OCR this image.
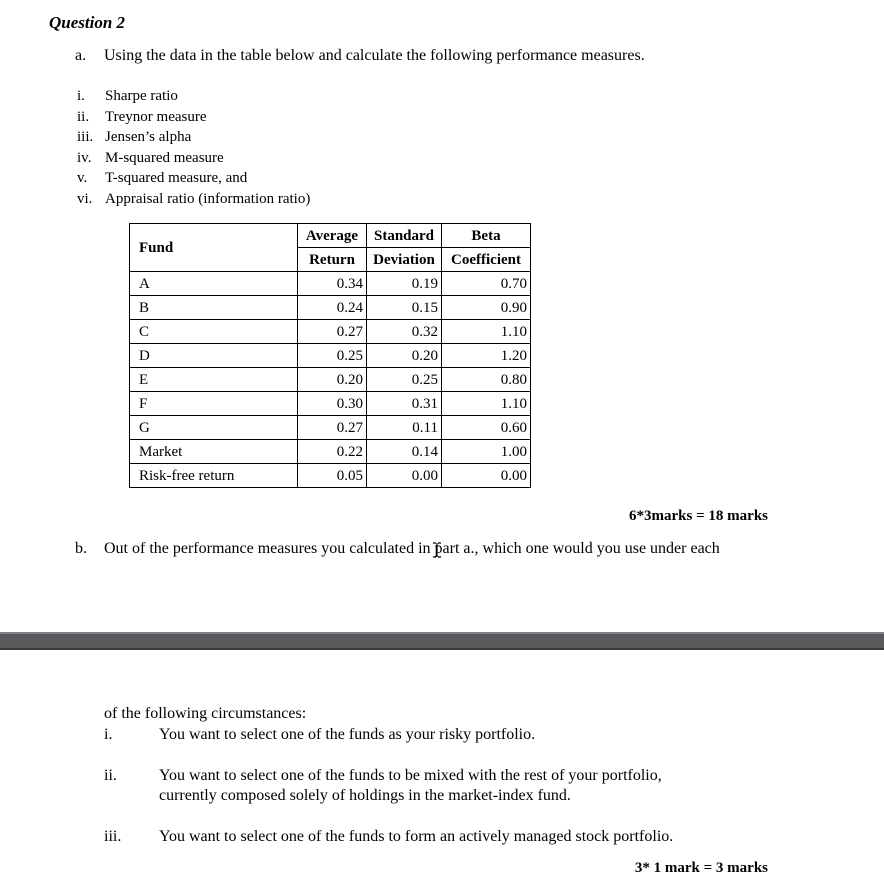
Question 2
a. Using the data in the table below and calculate the following performance measures.
i. Sharpe ratio
ii. Treynor measure
iii. Jensen’s alpha
iv. M-squared measure
v. T-squared measure, and
vi. Appraisal ratio (information ratio)
Fund	Average	Standard	Beta
	Return	Deviation	Coefficient
A	0.34	0.19	0.70
B	0.24	0.15	0.90
C	0.27	0.32	1.10
D	0.25	0.20	1.20
E	0.20	0.25	0.80
F	0.30	0.31	1.10
G	0.27	0.11	0.60
Market	0.22	0.14	1.00
Risk-free return	0.05	0.00	0.00
6*3marks = 18 marks
b. Out of the performance measures you calculated in part a., which one would you use under each
of the following circumstances:
i.	You want to select one of the funds as your risky portfolio.
ii.	You want to select one of the funds to be mixed with the rest of your portfolio,
currently composed solely of holdings in the market-index fund.
iii. You want to select one of the funds to form an actively managed stock portfolio.
3* 1 mark = 3 marks
